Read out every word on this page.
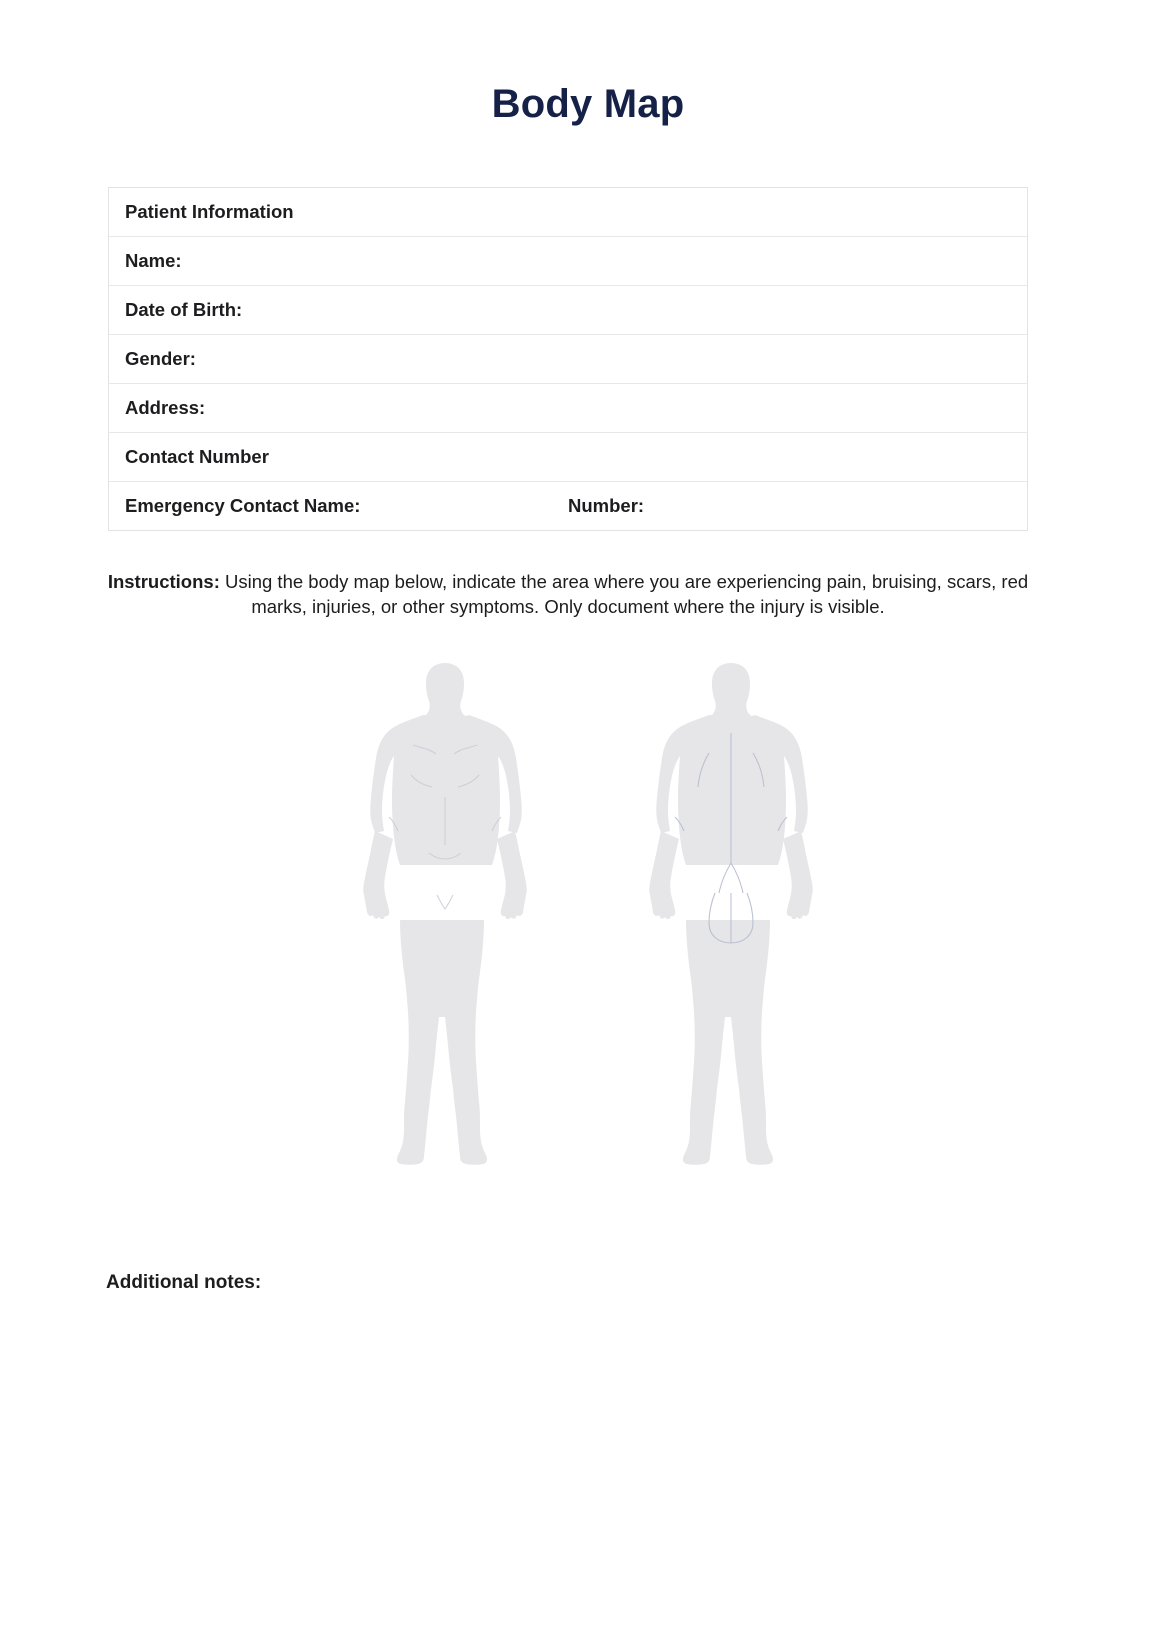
Body Map
Patient Information
Name:
Date of Birth:
Gender:
Address:
Contact Number
Emergency Contact Name:	Number:

Instructions: Using the body map below, indicate the area where you are experiencing pain, bruising, scars, red marks, injuries, or other symptoms. Only document where the injury is visible.

Additional notes:
